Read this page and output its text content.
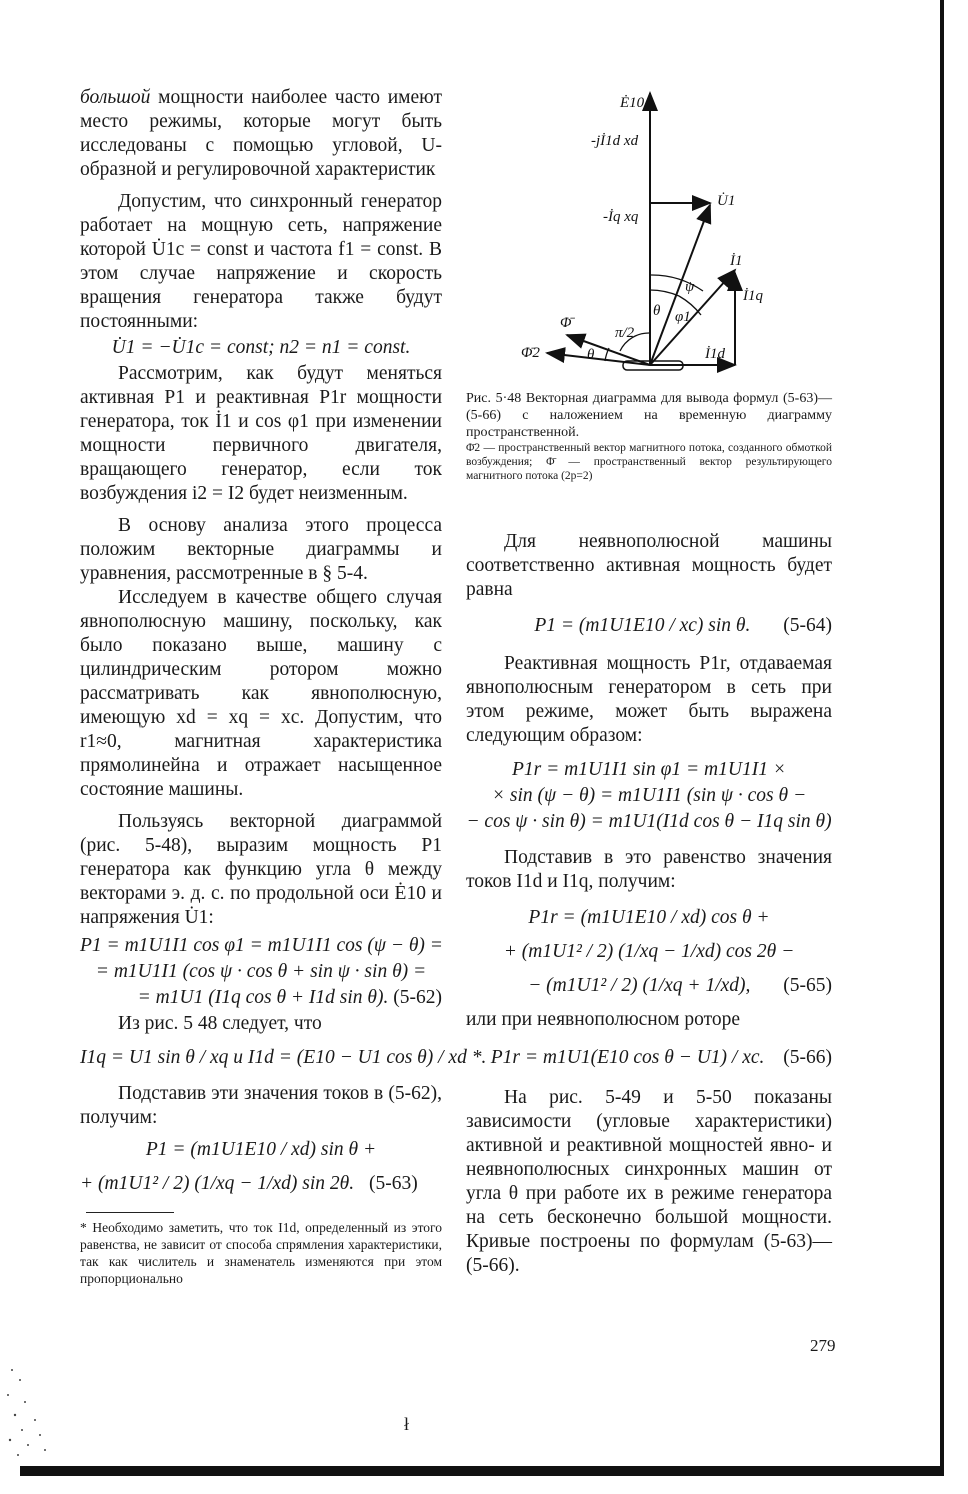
большой мощности наиболее часто имеют место режимы, которые могут быть исследованы с помощью угловой, U-образной и регулировочной характеристик

Допустим, что синхронный генератор работает на мощную сеть, напряжение которой U̇1c = const и частота f1 = const. В этом случае напряжение и скорость вращения генератора также будут постоянными:

U̇1 = −U̇1c = const; n2 = n1 = const.

Рассмотрим, как будут меняться активная P1 и реактивная P1r мощности генератора, ток İ1 и cos φ1 при изменении мощности первичного двигателя, вращающего генератор, если ток возбуждения i2 = I2 будет неизменным.

В основу анализа этого процесса положим векторные диаграммы и уравнения, рассмотренные в § 5-4.

Исследуем в качестве общего случая явнополюсную машину, поскольку, как было показано выше, машину с цилиндрическим ротором можно рассматривать как явнополюсную, имеющую xd = xq = xc. Допустим, что r1≈0, магнитная характеристика прямолинейна и отражает насыщенное состояние машины.

Пользуясь векторной диаграммой (рис. 5-48), выразим мощность P1 генератора как функцию угла θ между векторами э. д. с. по продольной оси Ė10 и напряжения U̇1:

P1 = m1U1I1 cos φ1 = m1U1I1 cos (ψ − θ) =
= m1U1I1 (cos ψ · cos θ + sin ψ · sin θ) =
= m1U1 (I1q cos θ + I1d sin θ). (5-62)

Из рис. 5 48 следует, что

I1q = U1 sin θ / xq и I1d = (E10 − U1 cos θ) / xd *.

Подставив эти значения токов в (5-62), получим:

P1 = (m1U1E10 / xd) sin θ +
+ (m1U1² / 2) (1/xq − 1/xd) sin 2θ. (5-63)

* Необходимо заметить, что ток I1d, определенный из этого равенства, не зависит от способа спрямления характеристики, так как числитель и знаменатель изменяются при этом пропорционально

Ė10
-jİ1d xd
-İq xq
U̇1
İ1
İ1q
ψ
θ φ1
Φ̄
π/2
Φ̄2	θ	İ1d
Рис. 5·48 Векторная диаграмма для вывода формул (5-63)—(5-66) с наложением на временную диаграмму пространственной.
Φ̄2 — пространственный вектор магнитного потока, созданного обмоткой возбуждения; Φ̄ — пространственный вектор результирующего магнитного потока (2p=2)

Для неявнополюсной машины соответственно активная мощность будет равна

P1 = (m1U1E10 / xc) sin θ. (5-64)

Реактивная мощность P1r, отдаваемая явнополюсным генератором в сеть при этом режиме, может быть выражена следующим образом:

P1r = m1U1I1 sin φ1 = m1U1I1 ×
× sin (ψ − θ) = m1U1I1 (sin ψ · cos θ −
− cos ψ · sin θ) = m1U1(I1d cos θ − I1q sin θ)

Подставив в это равенство значения токов I1d и I1q, получим:

P1r = (m1U1E10 / xd) cos θ +
+ (m1U1² / 2) (1/xq − 1/xd) cos 2θ −
− (m1U1² / 2) (1/xq + 1/xd), (5-65)

или при неявнополюсном роторе

P1r = m1U1(E10 cos θ − U1) / xc. (5-66)

На рис. 5-49 и 5-50 показаны зависимости (угловые характеристики) активной и реактивной мощностей явно- и неявнополюсных синхронных машин от угла θ при работе их в режиме генератора на сеть бесконечно большой мощности. Кривые построены по формулам (5-63)—(5-66).

279
ł
